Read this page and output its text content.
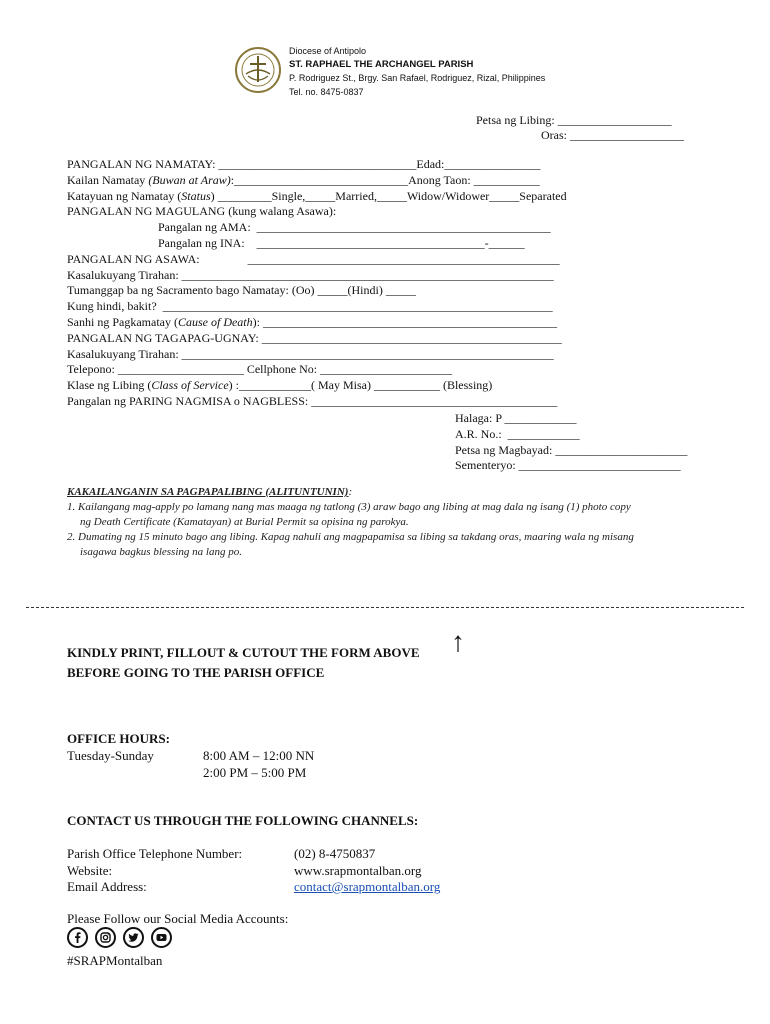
Diocese of Antipolo
ST. RAPHAEL THE ARCHANGEL PARISH
P. Rodriguez St., Brgy. San Rafael, Rodriguez, Rizal, Philippines
Tel. no. 8475-0837
Petsa ng Libing: ___________________
Oras: ___________________
PANGALAN NG NAMATAY: _________________________________Edad:________________
Kailan Namatay (Buwan at Araw):_____________________________Anong Taon: ___________
Katayuan ng Namatay (Status) _________Single,_____Married,_____Widow/Widower_____Separated
PANGALAN NG MAGULANG (kung walang Asawa):
Pangalan ng AMA:  _________________________________________________
Pangalan ng INA:    ______________________________________-______
PANGALAN NG ASAWA:                ____________________________________________________
Kasalukuyang Tirahan: ______________________________________________________________
Tumanggap ba ng Sacramento bago Namatay: (Oo) _____(Hindi) _____
Kung hindi, bakit?  _________________________________________________________________
Sanhi ng Pagkamatay (Cause of Death): _________________________________________________
PANGALAN NG TAGAPAG-UGNAY: __________________________________________________
Kasalukuyang Tirahan: ______________________________________________________________
Telepono: _____________________ Cellphone No: ______________________
Klase ng Libing (Class of Service) :____________( May Misa) ___________ (Blessing)
Pangalan ng PARING NAGMISA o NAGBLESS: _________________________________________
Halaga: P ____________
A.R. No.:  ____________
Petsa ng Magbayad: ______________________
Sementeryo: ___________________________
KAKAILANGANIN SA PAGPAPALIBING (ALITUNTUNIN):
1. Kailangang mag-apply po lamang nang mas maaga ng tatlong (3) araw bago ang libing at mag dala ng isang (1) photo copy
ng Death Certificate (Kamatayan) at Burial Permit sa opisina ng parokya.
2. Dumating ng 15 minuto bago ang libing. Kapag nahuli ang magpapamisa sa libing sa takdang oras, maaring wala ng misang
isagawa bagkus blessing na lang po.
KINDLY PRINT, FILLOUT & CUTOUT THE FORM ABOVE ↑
BEFORE GOING TO THE PARISH OFFICE
OFFICE HOURS:
Tuesday-Sunday	8:00 AM – 12:00 NN
2:00 PM – 5:00 PM
CONTACT US THROUGH THE FOLLOWING CHANNELS:
Parish Office Telephone Number:	(02) 8-4750837
Website:	www.srapmontalban.org
Email Address:	contact@srapmontalban.org
Please Follow our Social Media Accounts:

#SRAPMontalban
